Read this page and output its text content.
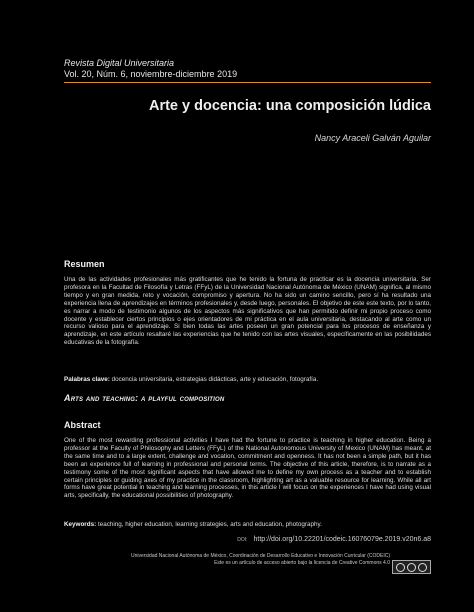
Revista Digital Universitaria
Vol. 20, Núm. 6, noviembre-diciembre 2019
Arte y docencia: una composición lúdica
Nancy Araceli Galván Aguilar
Resumen

Una de las actividades profesionales más gratificantes que he tenido la fortuna de practicar es la docencia universitaria. Ser profesora en la Facultad de Filosofía y Letras (FFyL) de la Universidad Nacional Autónoma de México (UNAM) significa, al mismo tiempo y en gran medida, reto y vocación, compromiso y apertura. No ha sido un camino sencillo, pero sí ha resultado una experiencia llena de aprendizajes en términos profesionales y, desde luego, personales. El objetivo de este este texto, por lo tanto, es narrar a modo de testimonio algunos de los aspectos más significativos que han permitido definir mi propio proceso como docente y establecer ciertos principios o ejes orientadores de mi práctica en el aula universitaria, destacando al arte como un recurso valioso para el aprendizaje. Si bien todas las artes poseen un gran potencial para los procesos de enseñanza y aprendizaje, en este artículo resaltaré las experiencias que he tenido con las artes visuales, específicamente en las posibilidades educativas de la fotografía.

Palabras clave: docencia universitaria, estrategias didácticas, arte y educación, fotografía.
Arts and teaching: a playful composition
Abstract

One of the most rewarding professional activities I have had the fortune to practice is teaching in higher education. Being a professor at the Faculty of Philosophy and Letters (FFyL) of the National Autonomous University of Mexico (UNAM) has meant, at the same time and to a large extent, challenge and vocation, commitment and openness. It has not been a simple path, but it has been an experience full of learning in professional and personal terms. The objective of this article, therefore, is to narrate as a testimony some of the most significant aspects that have allowed me to define my own process as a teacher and to establish certain principles or guiding axes of my practice in the classroom, highlighting art as a valuable resource for learning. While all art forms have great potential in teaching and learning processes, in this article I will focus on the experiences I have had using visual arts, specifically, the educational possibilities of photography.

Keywords: teaching, higher education, learning strategies, arts and education, photography.
DOI: http://doi.org/10.22201/codeic.16076079e.2019.v20n6.a8
Universidad Nacional Autónoma de México, Coordinación de Desarrollo Educativo e Innovación Curricular (CODEIC)
Este es un artículo de acceso abierto bajo la licencia de Creative Commons 4.0
